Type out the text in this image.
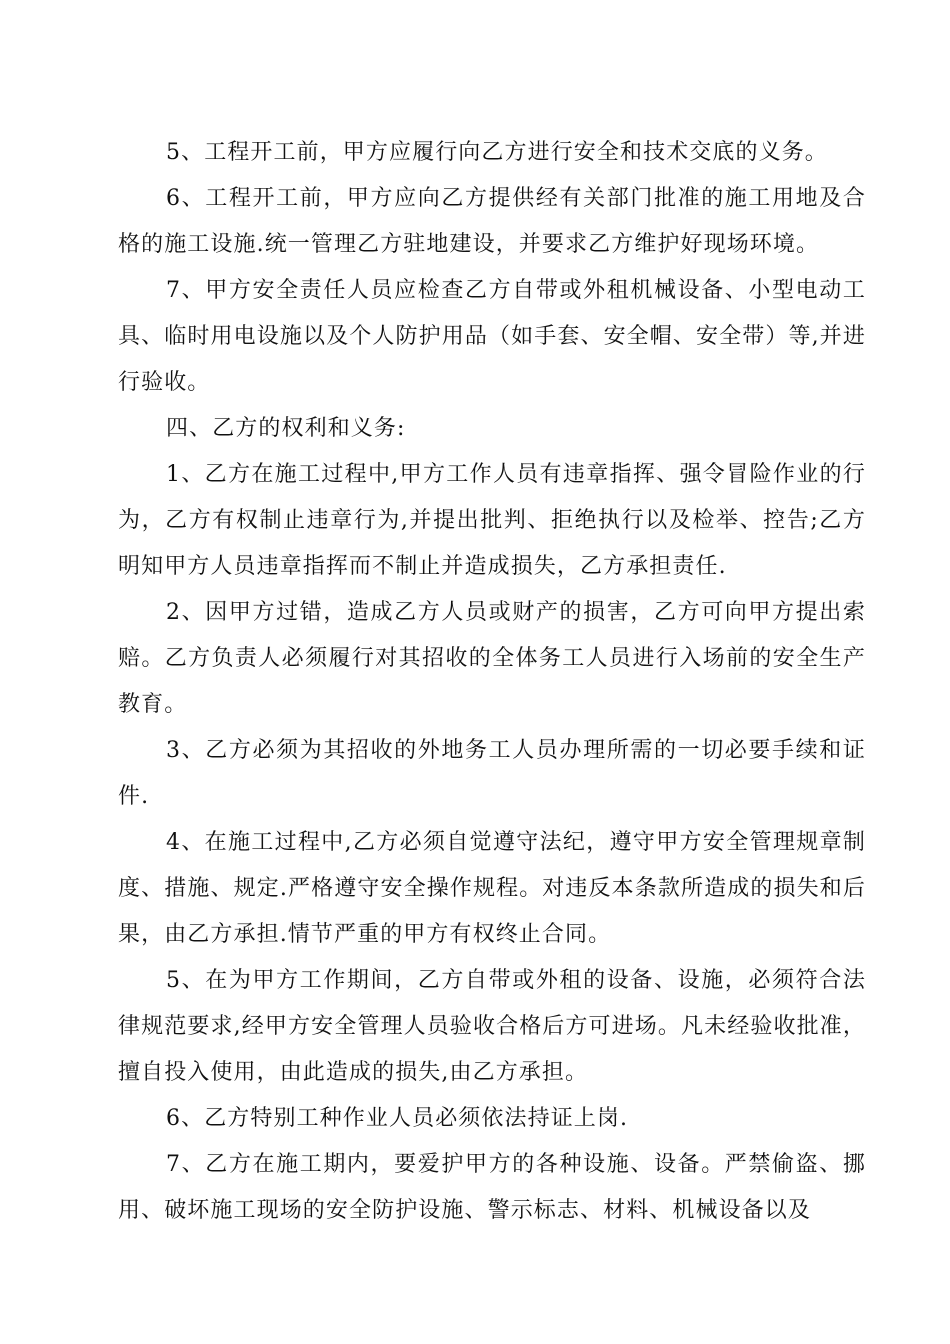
5、工程开工前，甲方应履行向乙方进行安全和技术交底的义务。

6、工程开工前，甲方应向乙方提供经有关部门批准的施工用地及合格的施工设施.统一管理乙方驻地建设，并要求乙方维护好现场环境。

7、甲方安全责任人员应检查乙方自带或外租机械设备、小型电动工具、临时用电设施以及个人防护用品（如手套、安全帽、安全带）等,并进行验收。

四、乙方的权利和义务:

1、乙方在施工过程中,甲方工作人员有违章指挥、强令冒险作业的行为，乙方有权制止违章行为,并提出批判、拒绝执行以及检举、控告;乙方明知甲方人员违章指挥而不制止并造成损失，乙方承担责任.

2、因甲方过错，造成乙方人员或财产的损害，乙方可向甲方提出索赔。乙方负责人必须履行对其招收的全体务工人员进行入场前的安全生产教育。

3、乙方必须为其招收的外地务工人员办理所需的一切必要手续和证件.

4、在施工过程中,乙方必须自觉遵守法纪，遵守甲方安全管理规章制度、措施、规定.严格遵守安全操作规程。对违反本条款所造成的损失和后果，由乙方承担.情节严重的甲方有权终止合同。

5、在为甲方工作期间，乙方自带或外租的设备、设施，必须符合法律规范要求,经甲方安全管理人员验收合格后方可进场。凡未经验收批准，擅自投入使用，由此造成的损失,由乙方承担。

6、乙方特别工种作业人员必须依法持证上岗.

7、乙方在施工期内，要爱护甲方的各种设施、设备。严禁偷盗、挪用、破坏施工现场的安全防护设施、警示标志、材料、机械设备以及
